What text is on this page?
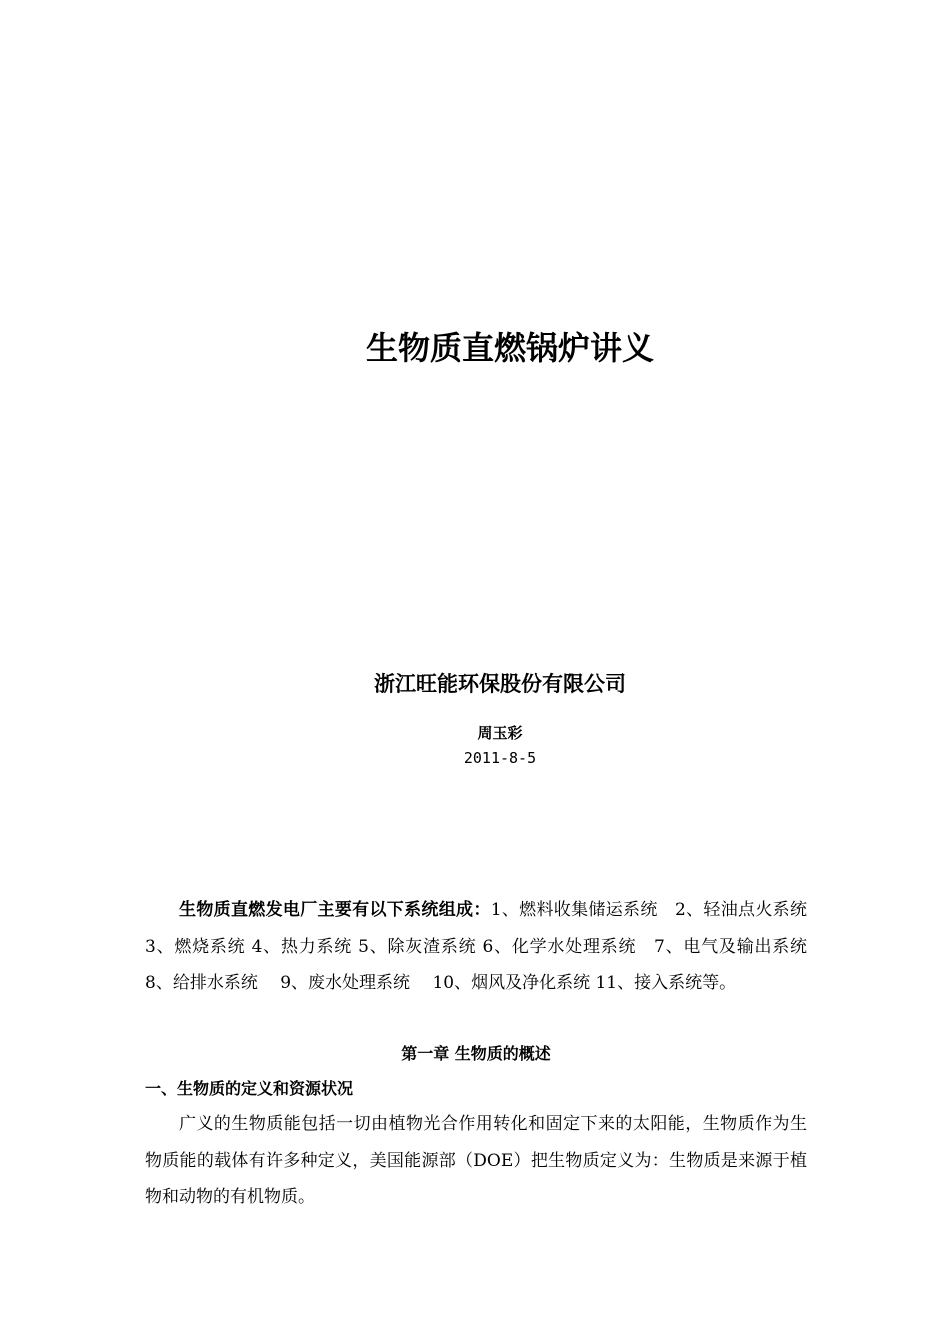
生物质直燃锅炉讲义
浙江旺能环保股份有限公司
周玉彩
2011-8-5

生物质直燃发电厂主要有以下系统组成：1、燃料收集储运系统　2、轻油点火系统 3、燃烧系统 4、热力系统 5、除灰渣系统 6、化学水处理系统　7、电气及输出系统 8、给排水系统　 9、废水处理系统　 10、烟风及净化系统 11、接入系统等。

第一章 生物质的概述
一、生物质的定义和资源状况

广义的生物质能包括一切由植物光合作用转化和固定下来的太阳能，生物质作为生物质能的载体有许多种定义，美国能源部（DOE）把生物质定义为：生物质是来源于植物和动物的有机物质。
